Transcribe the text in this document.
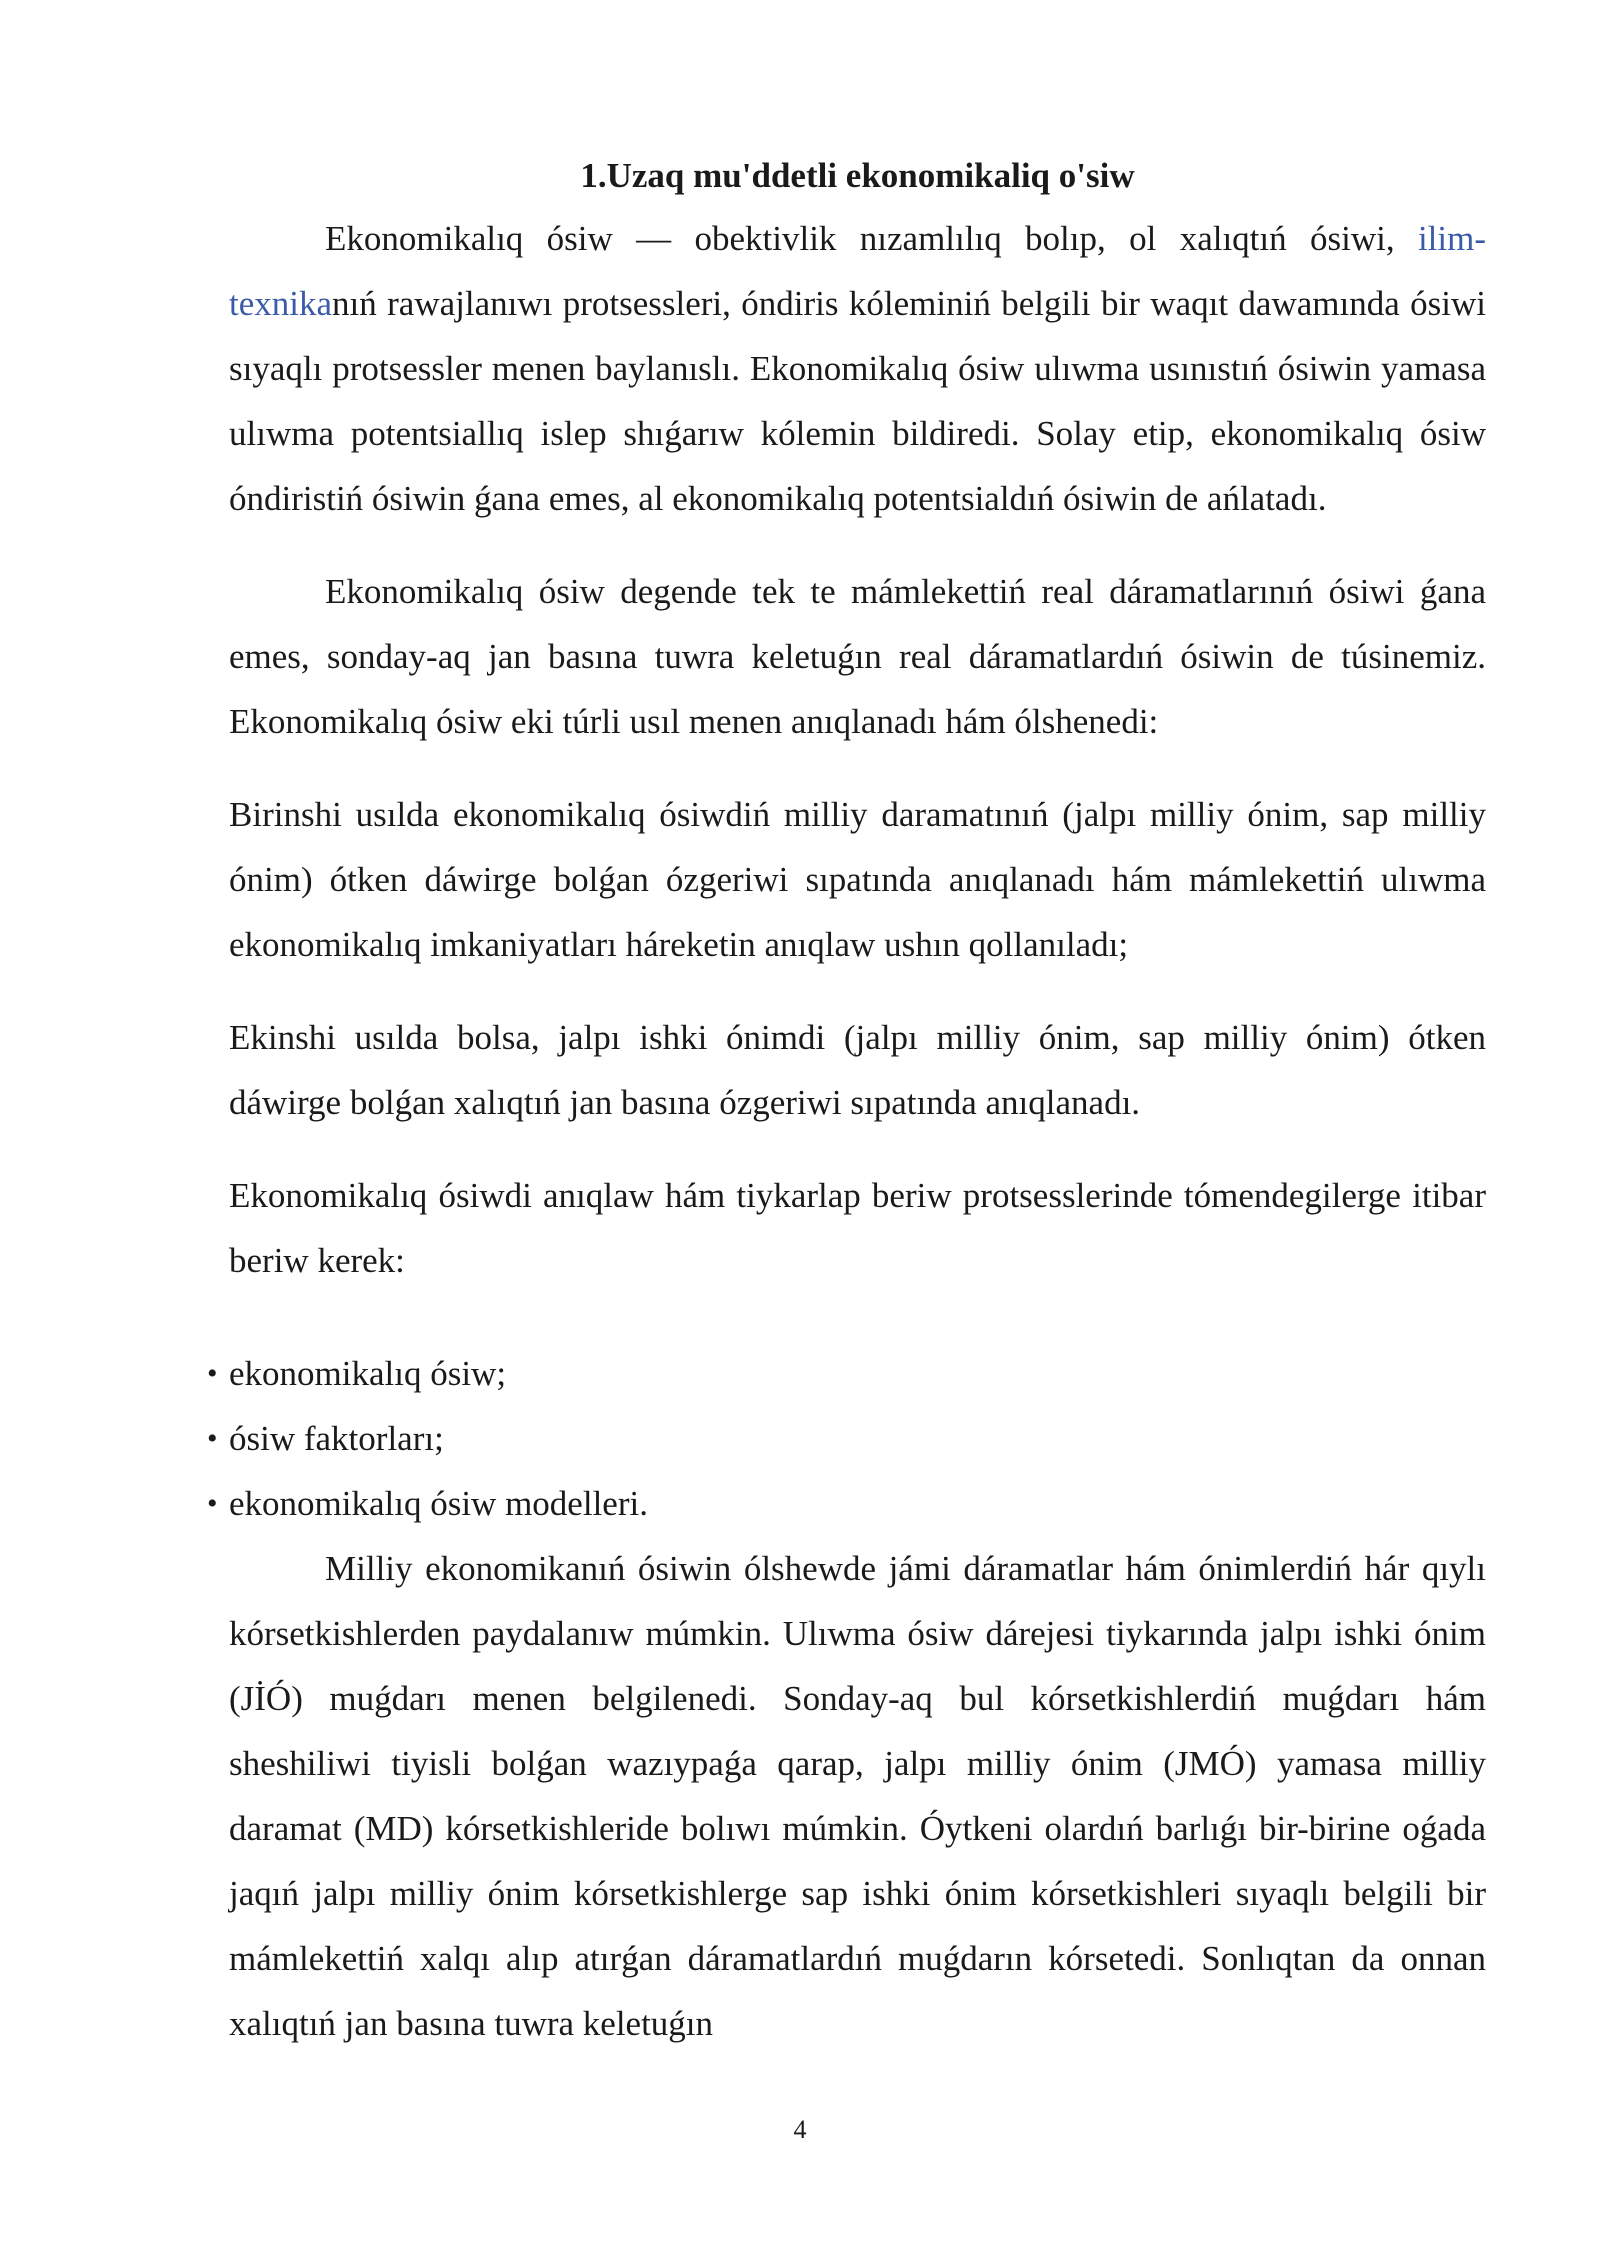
1.Uzaq mu'ddetli ekonomikaliq o'siw

Ekonomikalıq ósiw — obektivlik nızamlılıq bolıp, ol xalıqtıń ósiwi, ilim-texnikanıń rawajlanıwı protsessleri, óndiris kóleminiń belgili bir waqıt dawamında ósiwi sıyaqlı protsessler menen baylanıslı. Ekonomikalıq ósiw ulıwma usınıstıń ósiwin yamasa ulıwma potentsiallıq islep shıǵarıw kólemin bildiredi. Solay etip, ekonomikalıq ósiw óndiristiń ósiwin ǵana emes, al ekonomikalıq potentsialdıń ósiwin de ańlatadı.

Ekonomikalıq ósiw degende tek te mámlekettiń real dáramatlarınıń ósiwi ǵana emes, sonday-aq jan basına tuwra keletuǵın real dáramatlardıń ósiwin de túsinemiz. Ekonomikalıq ósiw eki túrli usıl menen anıqlanadı hám ólshenedi:

Birinshi usılda ekonomikalıq ósiwdiń milliy daramatınıń (jalpı milliy ónim, sap milliy ónim) ótken dáwirge bolǵan ózgeriwi sıpatında anıqlanadı hám mámlekettiń ulıwma ekonomikalıq imkaniyatları háreketin anıqlaw ushın qollanıladı;

Ekinshi usılda bolsa, jalpı ishki ónimdi (jalpı milliy ónim, sap milliy ónim) ótken dáwirge bolǵan xalıqtıń jan basına ózgeriwi sıpatında anıqlanadı.

Ekonomikalıq ósiwdi anıqlaw hám tiykarlap beriw protsesslerinde tómendegilerge itibar beriw kerek:

• ekonomikalıq ósiw;
• ósiw faktorları;
• ekonomikalıq ósiw modelleri.

Milliy ekonomikanıń ósiwin ólshewde jámi dáramatlar hám ónimlerdiń hár qıylı kórsetkishlerden paydalanıw múmkin. Ulıwma ósiw dárejesi tiykarında jalpı ishki ónim (JİÓ) muǵdarı menen belgilenedi. Sonday-aq bul kórsetkishlerdiń muǵdarı hám sheshiliwi tiyisli bolǵan wazıypaǵa qarap, jalpı milliy ónim (JMÓ) yamasa milliy daramat (MD) kórsetkishleride bolıwı múmkin. Óytkeni olardıń barlıǵı bir-birine oǵada jaqıń jalpı milliy ónim kórsetkishlerge sap ishki ónim kórsetkishleri sıyaqlı belgili bir mámlekettiń xalqı alıp atırǵan dáramatlardıń muǵdarın kórsetedi. Sonlıqtan da onnan xalıqtıń jan basına tuwra keletuǵın

4
